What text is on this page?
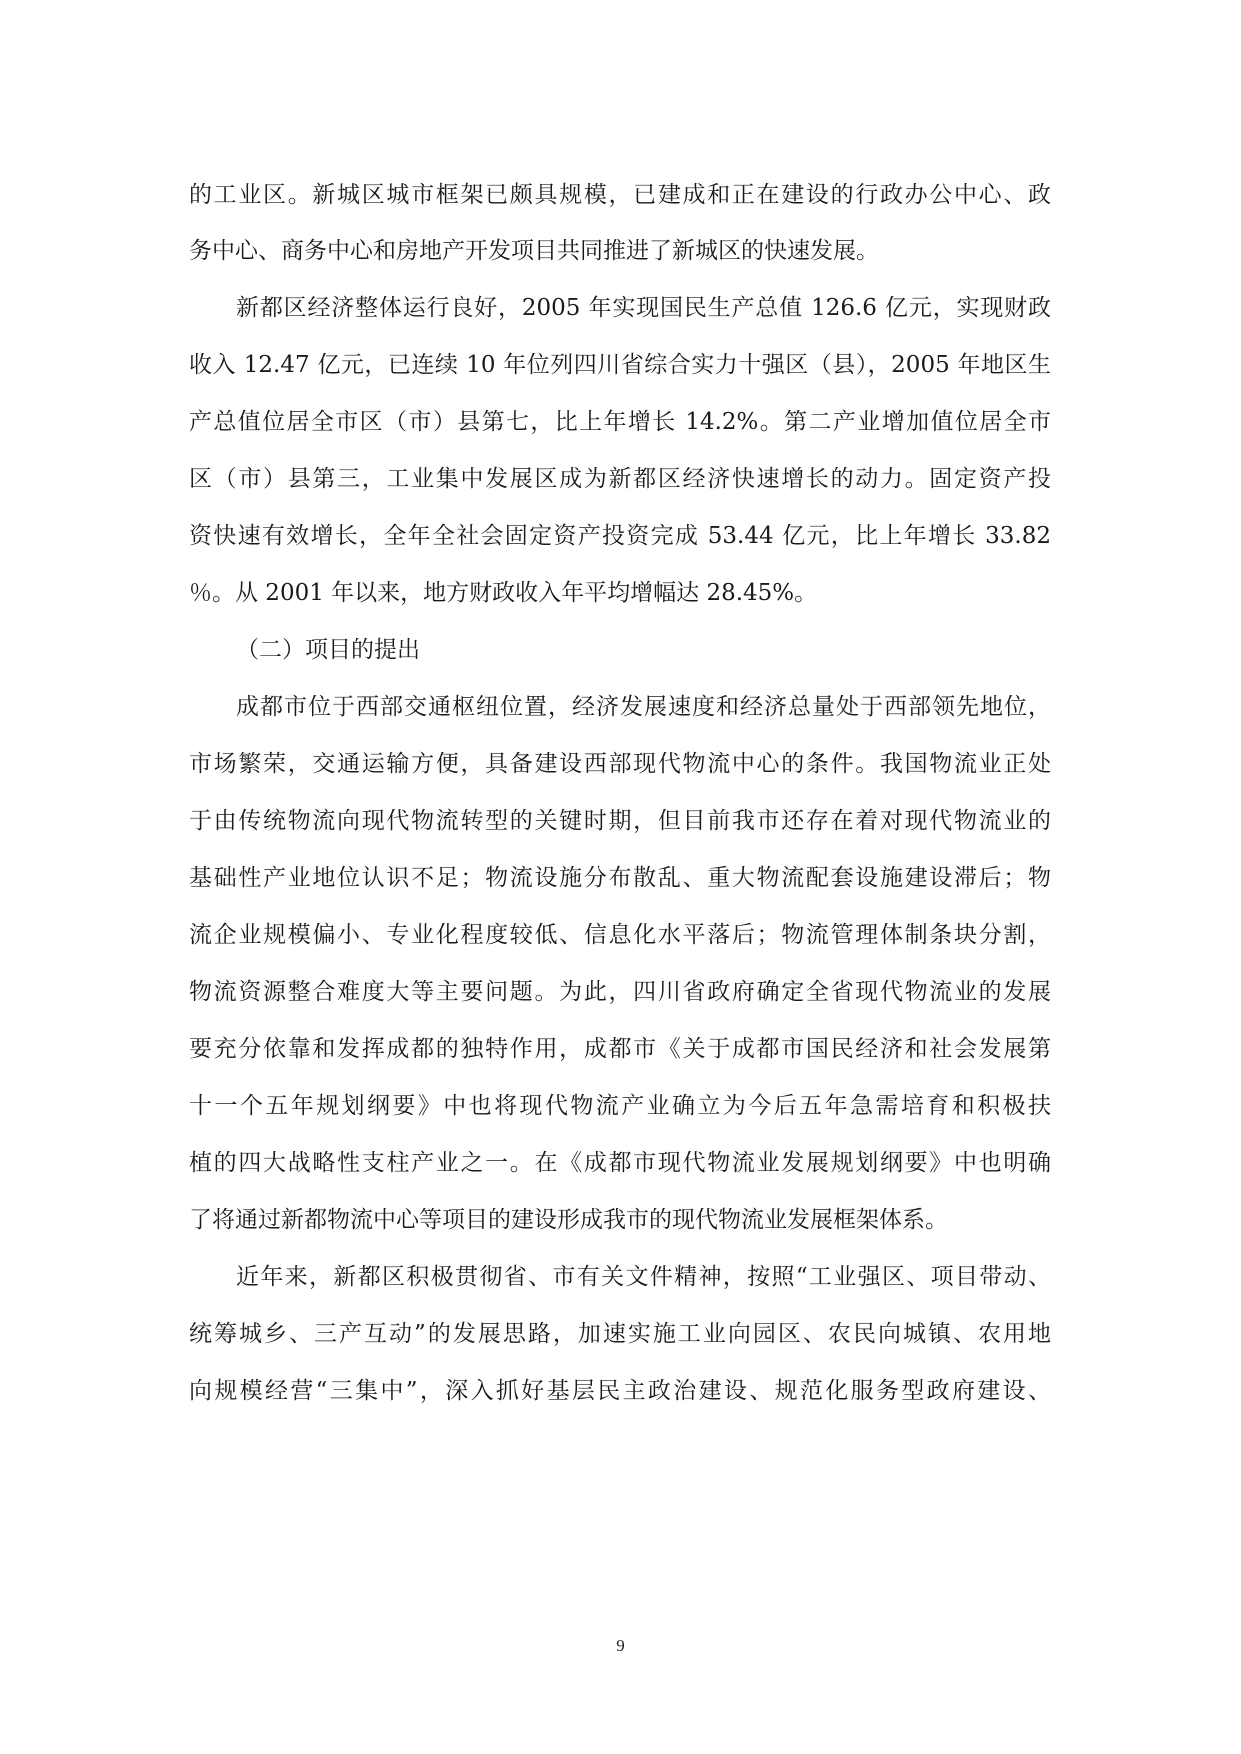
的工业区。新城区城市框架已颇具规模，已建成和正在建设的行政办公中心、政
务中心、商务中心和房地产开发项目共同推进了新城区的快速发展。
新都区经济整体运行良好，2005 年实现国民生产总值 126.6 亿元，实现财政
收入 12.47 亿元，已连续 10 年位列四川省综合实力十强区（县），2005 年地区生
产总值位居全市区（市）县第七，比上年增长 14.2%。第二产业增加值位居全市
区（市）县第三，工业集中发展区成为新都区经济快速增长的动力。固定资产投
资快速有效增长，全年全社会固定资产投资完成 53.44 亿元，比上年增长 33.82
％。从 2001 年以来，地方财政收入年平均增幅达 28.45%。
（二）项目的提出
成都市位于西部交通枢纽位置，经济发展速度和经济总量处于西部领先地位，
市场繁荣，交通运输方便，具备建设西部现代物流中心的条件。我国物流业正处
于由传统物流向现代物流转型的关键时期，但目前我市还存在着对现代物流业的
基础性产业地位认识不足；物流设施分布散乱、重大物流配套设施建设滞后；物
流企业规模偏小、专业化程度较低、信息化水平落后；物流管理体制条块分割，
物流资源整合难度大等主要问题。为此，四川省政府确定全省现代物流业的发展
要充分依靠和发挥成都的独特作用，成都市《关于成都市国民经济和社会发展第
十一个五年规划纲要》中也将现代物流产业确立为今后五年急需培育和积极扶
植的四大战略性支柱产业之一。在《成都市现代物流业发展规划纲要》中也明确
了将通过新都物流中心等项目的建设形成我市的现代物流业发展框架体系。
近年来，新都区积极贯彻省、市有关文件精神，按照“工业强区、项目带动、
统筹城乡、三产互动”的发展思路，加速实施工业向园区、农民向城镇、农用地
向规模经营“三集中”，深入抓好基层民主政治建设、规范化服务型政府建设、
9
